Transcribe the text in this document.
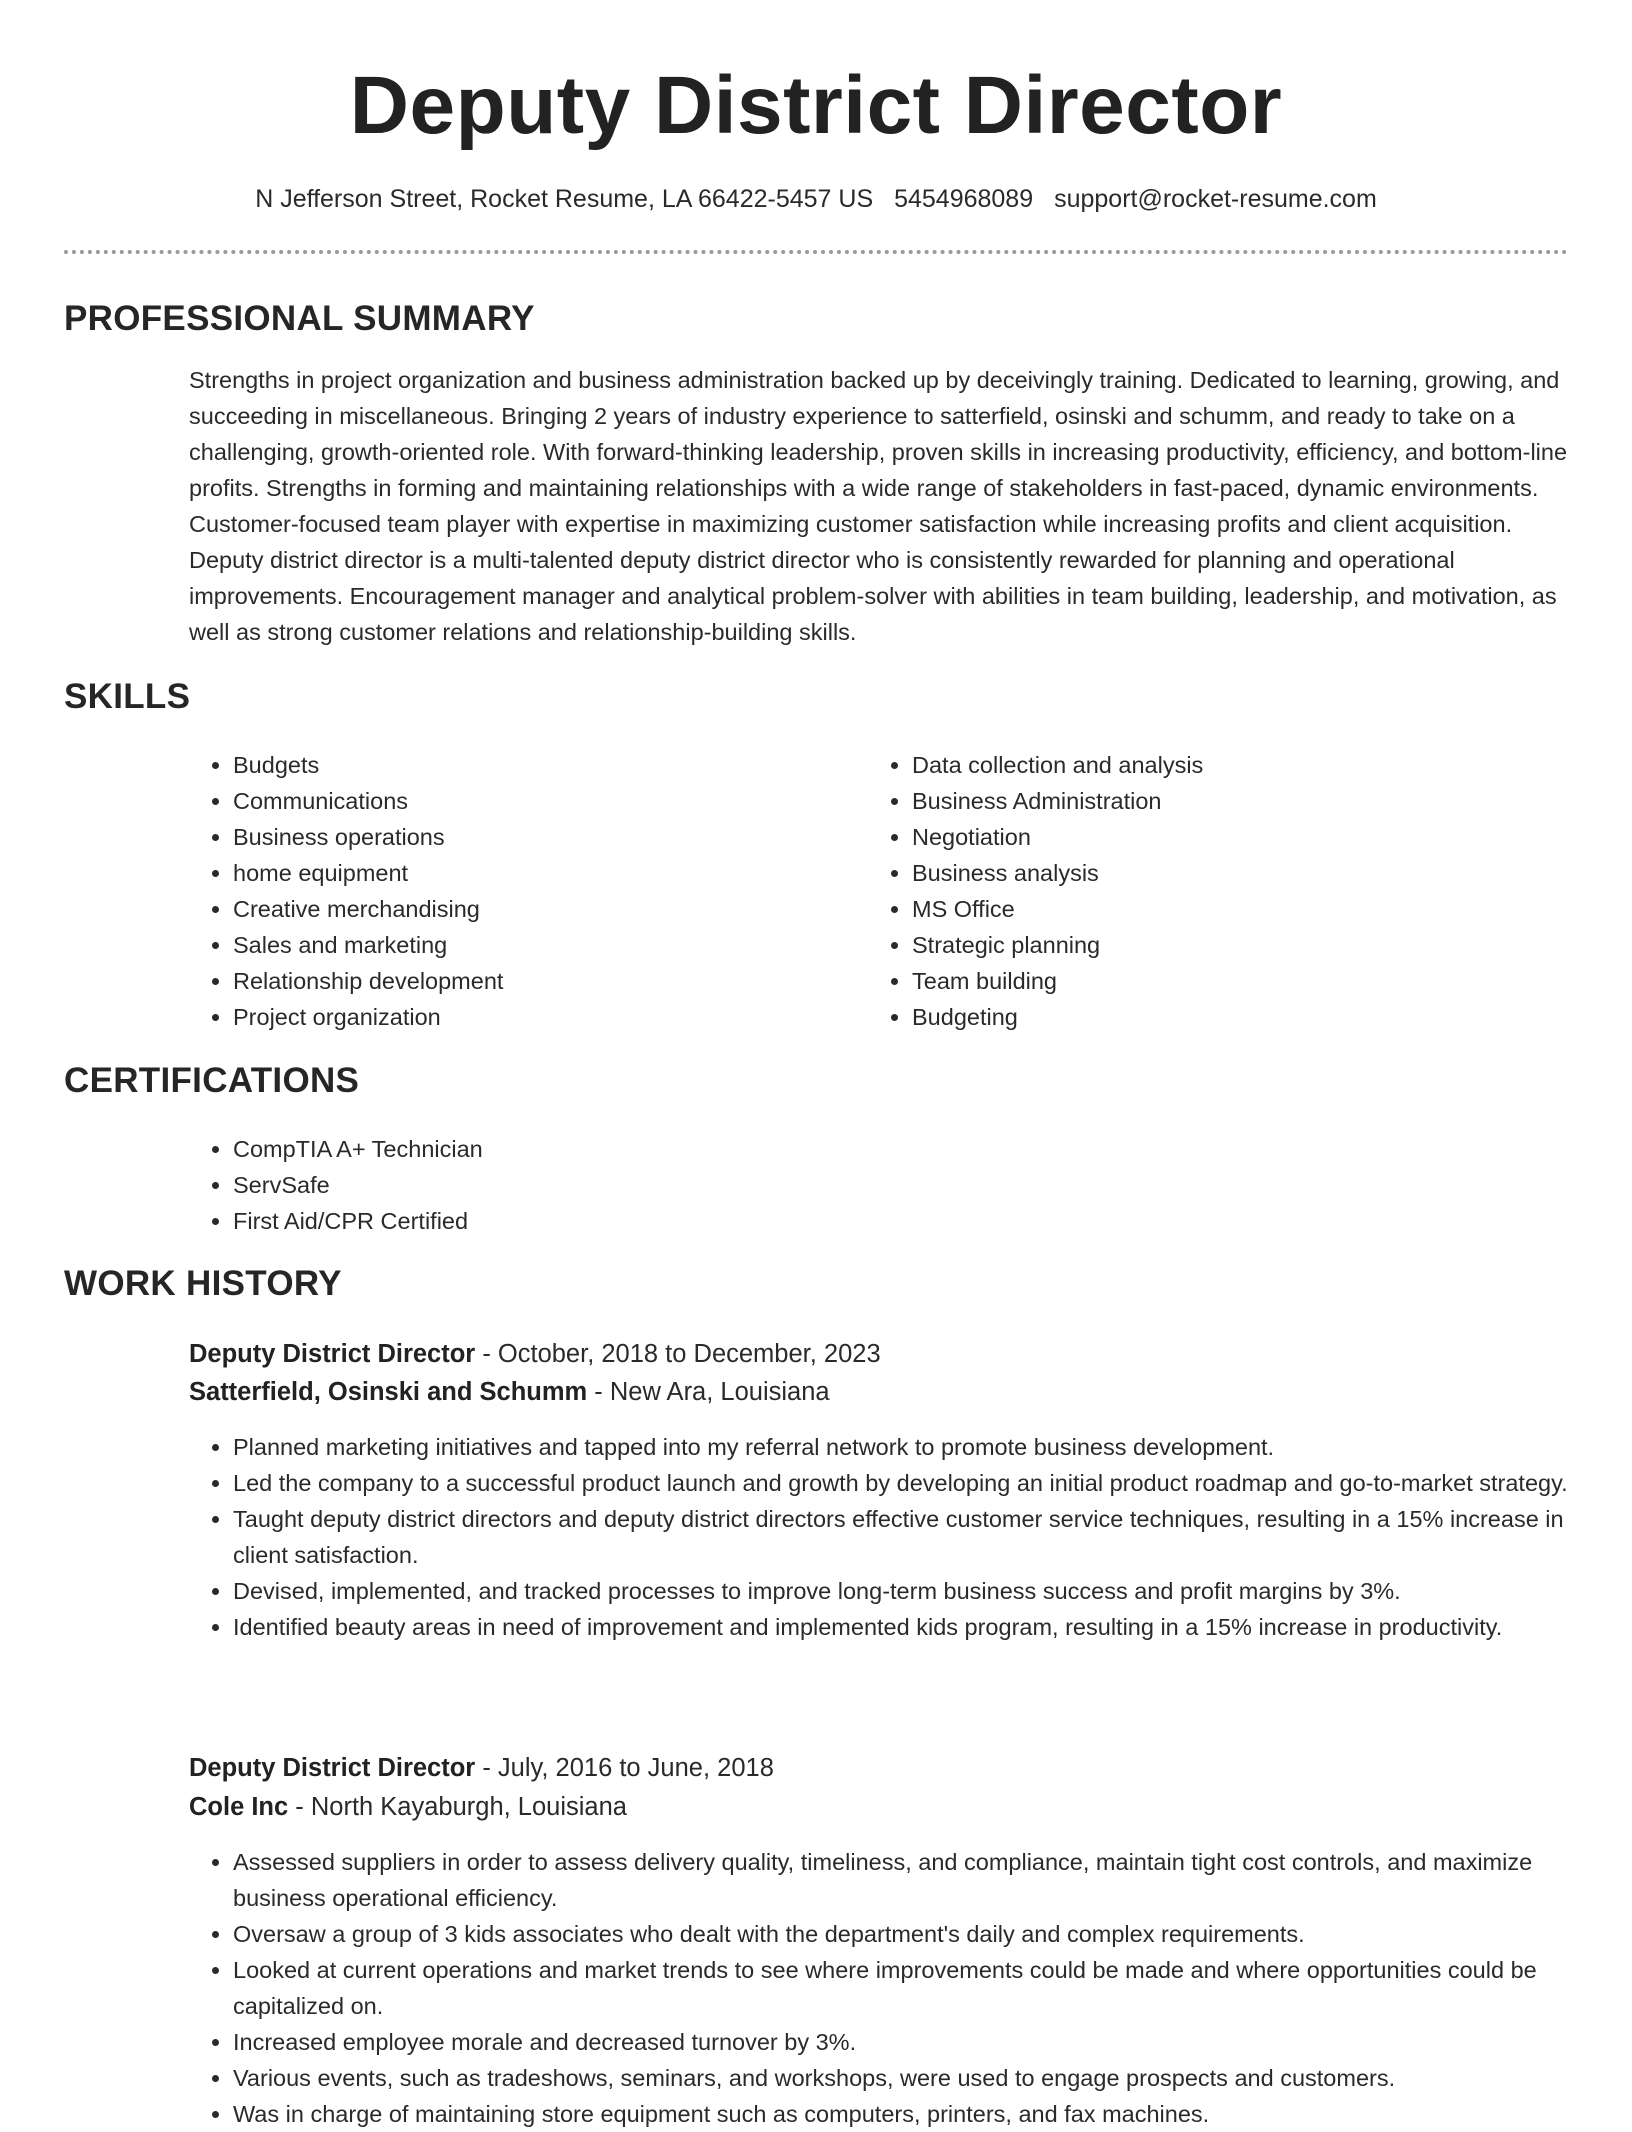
Deputy District Director
N Jefferson Street, Rocket Resume, LA 66422-5457 US 5454968089 support@rocket-resume.com
PROFESSIONAL SUMMARY

Strengths in project organization and business administration backed up by deceivingly training. Dedicated to learning, growing, and succeeding in miscellaneous. Bringing 2 years of industry experience to satterfield, osinski and schumm, and ready to take on a challenging, growth-oriented role. With forward-thinking leadership, proven skills in increasing productivity, efficiency, and bottom-line profits. Strengths in forming and maintaining relationships with a wide range of stakeholders in fast-paced, dynamic environments. Customer-focused team player with expertise in maximizing customer satisfaction while increasing profits and client acquisition. Deputy district director is a multi-talented deputy district director who is consistently rewarded for planning and operational improvements. Encouragement manager and analytical problem-solver with abilities in team building, leadership, and motivation, as well as strong customer relations and relationship-building skills.

SKILLS
• Budgets
• Communications
• Business operations
• home equipment
• Creative merchandising
• Sales and marketing
• Relationship development
• Project organization
• Data collection and analysis
• Business Administration
• Negotiation
• Business analysis
• MS Office
• Strategic planning
• Team building
• Budgeting
CERTIFICATIONS
• CompTIA A+ Technician
• ServSafe
• First Aid/CPR Certified
WORK HISTORY
Deputy District Director - October, 2018 to December, 2023
Satterfield, Osinski and Schumm - New Ara, Louisiana
• Planned marketing initiatives and tapped into my referral network to promote business development.
• Led the company to a successful product launch and growth by developing an initial product roadmap and go-to-market strategy.
• Taught deputy district directors and deputy district directors effective customer service techniques, resulting in a 15% increase in client satisfaction.
• Devised, implemented, and tracked processes to improve long-term business success and profit margins by 3%.
• Identified beauty areas in need of improvement and implemented kids program, resulting in a 15% increase in productivity.
Deputy District Director - July, 2016 to June, 2018
Cole Inc - North Kayaburgh, Louisiana
• Assessed suppliers in order to assess delivery quality, timeliness, and compliance, maintain tight cost controls, and maximize business operational efficiency.
• Oversaw a group of 3 kids associates who dealt with the department's daily and complex requirements.
• Looked at current operations and market trends to see where improvements could be made and where opportunities could be capitalized on.
• Increased employee morale and decreased turnover by 3%.
• Various events, such as tradeshows, seminars, and workshops, were used to engage prospects and customers.
• Was in charge of maintaining store equipment such as computers, printers, and fax machines.
